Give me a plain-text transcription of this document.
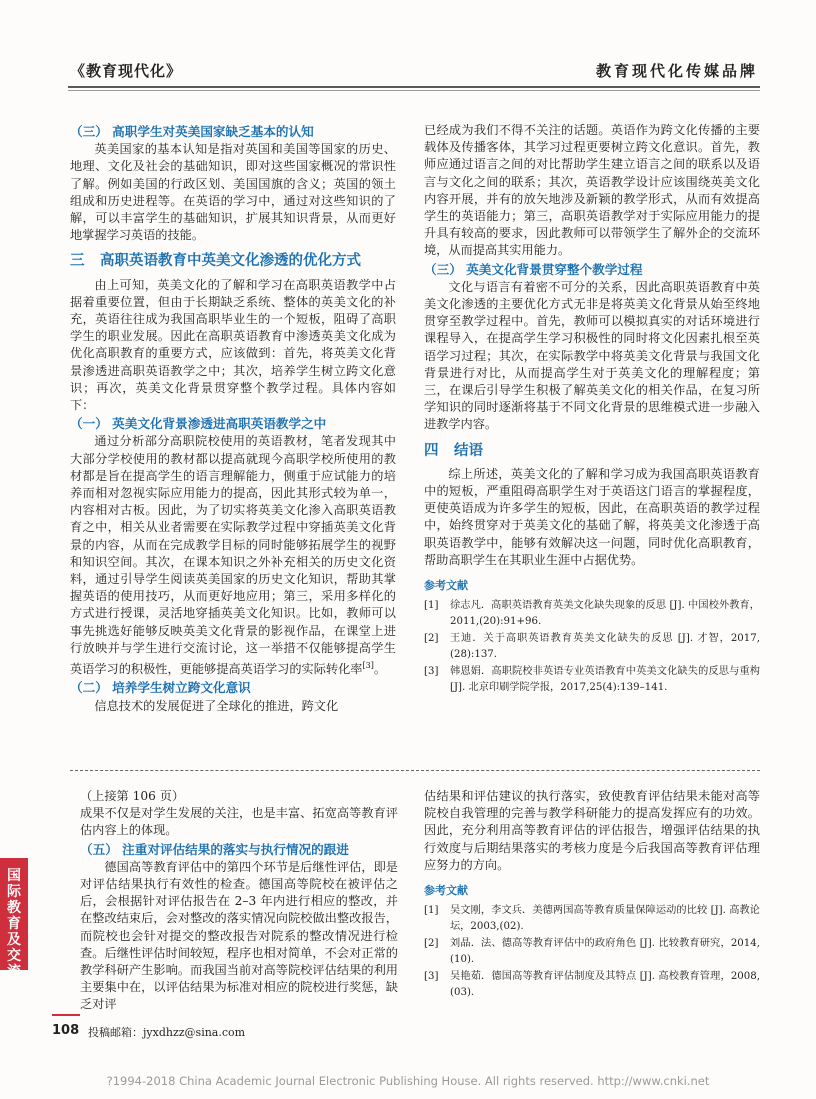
《教育现代化》	教育现代化传媒品牌
（三） 高职学生对英美国家缺乏基本的认知

英美国家的基本认知是指对英国和美国等国家的历史、地理、文化及社会的基础知识，即对这些国家概况的常识性了解。例如美国的行政区划、美国国旗的含义；英国的领土组成和历史进程等。在英语的学习中，通过对这些知识的了解，可以丰富学生的基础知识，扩展其知识背景，从而更好地掌握学习英语的技能。

三 高职英语教育中英美文化渗透的优化方式

由上可知，英美文化的了解和学习在高职英语教学中占据着重要位置，但由于长期缺乏系统、整体的英美文化的补充，英语往往成为我国高职毕业生的一个短板，阻碍了高职学生的职业发展。因此在高职英语教育中渗透英美文化成为优化高职教育的重要方式，应该做到：首先，将英美文化背景渗透进高职英语教学之中；其次，培养学生树立跨文化意识；再次，英美文化背景贯穿整个教学过程。具体内容如下：

（一） 英美文化背景渗透进高职英语教学之中

通过分析部分高职院校使用的英语教材，笔者发现其中大部分学校使用的教材都以提高就现今高职学校所使用的教材都是旨在提高学生的语言理解能力，侧重于应试能力的培养而相对忽视实际应用能力的提高，因此其形式较为单一，内容相对古板。因此，为了切实将英美文化渗入高职英语教育之中，相关从业者需要在实际教学过程中穿插英美文化背景的内容，从而在完成教学目标的同时能够拓展学生的视野和知识空间。其次，在课本知识之外补充相关的历史文化资料，通过引导学生阅读英美国家的历史文化知识，帮助其掌握英语的使用技巧，从而更好地应用；第三，采用多样化的方式进行授课，灵活地穿插英美文化知识。比如，教师可以事先挑选好能够反映英美文化背景的影视作品，在课堂上进行放映并与学生进行交流讨论，这一举措不仅能够提高学生英语学习的积极性，更能够提高英语学习的实际转化率[3]。

（二） 培养学生树立跨文化意识

信息技术的发展促进了全球化的推进，跨文化

已经成为我们不得不关注的话题。英语作为跨文化传播的主要载体及传播客体，其学习过程更要树立跨文化意识。首先，教师应通过语言之间的对比帮助学生建立语言之间的联系以及语言与文化之间的联系；其次，英语教学设计应该围绕英美文化内容开展，并有的放矢地涉及新颖的教学形式，从而有效提高学生的英语能力；第三，高职英语教学对于实际应用能力的提升具有较高的要求，因此教师可以带领学生了解外企的交流环境，从而提高其实用能力。

（三） 英美文化背景贯穿整个教学过程

文化与语言有着密不可分的关系，因此高职英语教育中英美文化渗透的主要优化方式无非是将英美文化背景从始至终地贯穿至教学过程中。首先，教师可以模拟真实的对话环境进行课程导入，在提高学生学习积极性的同时将文化因素扎根至英语学习过程；其次，在实际教学中将英美文化背景与我国文化背景进行对比，从而提高学生对于英美文化的理解程度；第三，在课后引导学生积极了解英美文化的相关作品，在复习所学知识的同时逐渐将基于不同文化背景的思维模式进一步融入进教学内容。

四 结语

综上所述，英美文化的了解和学习成为我国高职英语教育中的短板，严重阻碍高职学生对于英语这门语言的掌握程度，更使英语成为许多学生的短板，因此，在高职英语的教学过程中，始终贯穿对于英美文化的基础了解，将英美文化渗透于高职英语教学中，能够有效解决这一问题，同时优化高职教育，帮助高职学生在其职业生涯中占据优势。

参考文献
[1]	徐志凡．高职英语教育英美文化缺失现象的反思 [J]. 中国校外教育，2011,(20):91+96.
[2]	王迪．关于高职英语教育英美文化缺失的反思 [J]. 才智，2017,(28):137.
[3]	韩恩娟．高职院校非英语专业英语教育中英美文化缺失的反思与重构 [J]. 北京印刷学院学报，2017,25(4):139–141.

（上接第 106 页）

成果不仅是对学生发展的关注，也是丰富、拓宽高等教育评估内容上的体现。

（五） 注重对评估结果的落实与执行情况的跟进

德国高等教育评估中的第四个环节是后继性评估，即是对评估结果执行有效性的检查。德国高等院校在被评估之后，会根据针对评估报告在 2–3 年内进行相应的整改，并在整改结束后，会对整改的落实情况向院校做出整改报告，而院校也会针对提交的整改报告对院系的整改情况进行检查。后继性评估时间较短，程序也相对简单，不会对正常的教学科研产生影响。而我国当前对高等院校评估结果的利用主要集中在，以评估结果为标准对相应的院校进行奖惩，缺乏对评

估结果和评估建议的执行落实，致使教育评估结果未能对高等院校自我管理的完善与教学科研能力的提高发挥应有的功效。因此，充分利用高等教育评估的评估报告，增强评估结果的执行效度与后期结果落实的考核力度是今后我国高等教育评估理应努力的方向。

参考文献
[1]	吴文刚，李文兵．美德两国高等教育质量保障运动的比较 [J]. 高教论坛，2003,(02).
[2]	刘晶．法、德高等教育评估中的政府角色 [J]. 比较教育研究，2014,(10).
[3]	吴艳茹．德国高等教育评估制度及其特点 [J]. 高校教育管理，2008,(03).
国
际
教
育
及
交
流
108 投稿邮箱：jyxdhzz@sina.com
?1994-2018 China Academic Journal Electronic Publishing House. All rights reserved. http://www.cnki.net
